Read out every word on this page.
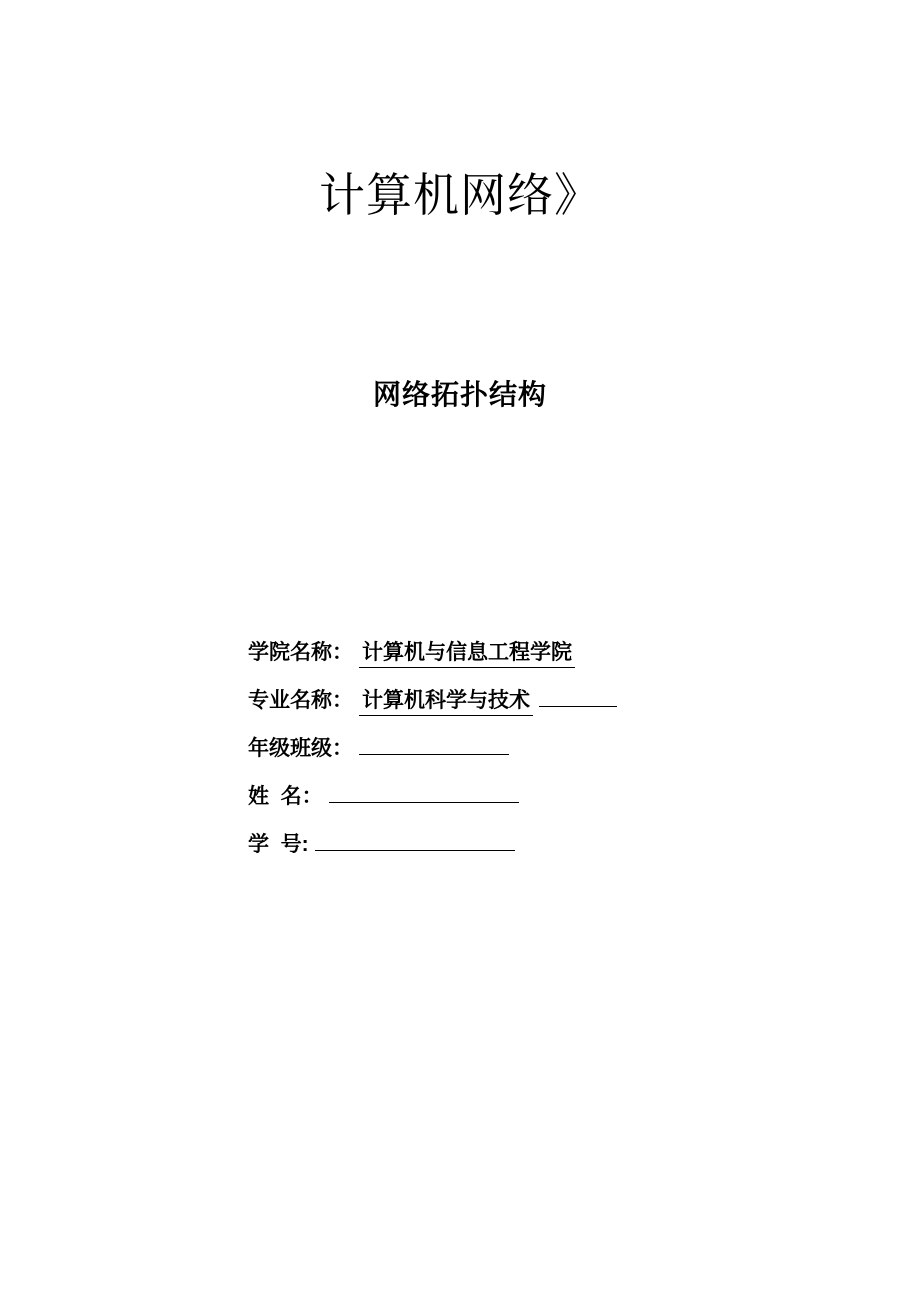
计算机网络》
网络拓扑结构
学院名称： 计算机与信息工程学院
专业名称： 计算机科学与技术
年级班级：
姓  名：
学  号:
